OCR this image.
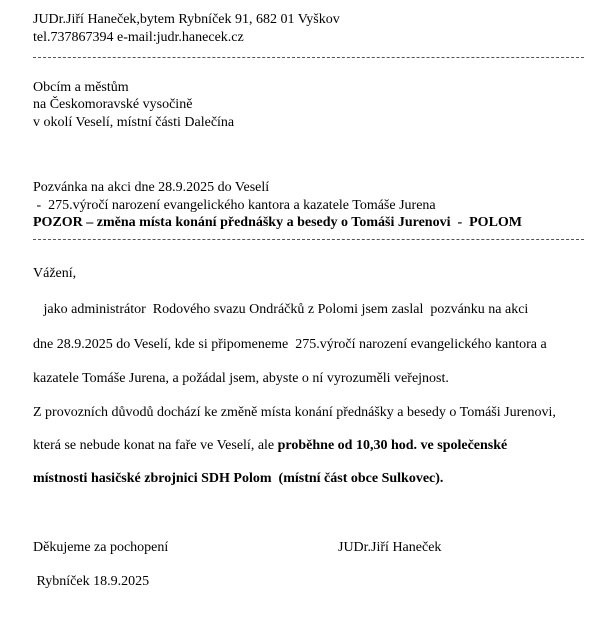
JUDr.Jiří Haneček,bytem Rybníček 91, 682 01 Vyškov
tel.737867394 e-mail:judr.hanecek.cz
Obcím a městům
na Českomoravské vysočině
v okolí Veselí, místní části Dalečína
Pozvánka na akci dne 28.9.2025 do Veselí
-  275.výročí narození evangelického kantora a kazatele Tomáše Jurena
POZOR – změna místa konání přednášky a besedy o Tomáši Jurenovi  -  POLOM
Vážení,
jako administrátor  Rodového svazu Ondráčků z Polomi jsem zaslal  pozvánku na akci
dne 28.9.2025 do Veselí, kde si připomeneme  275.výročí narození evangelického kantora a
kazatele Tomáše Jurena, a požádal jsem, abyste o ní vyrozuměli veřejnost.
Z provozních důvodů dochází ke změně místa konání přednášky a besedy o Tomáši Jurenovi,
která se nebude konat na faře ve Veselí, ale proběhne od 10,30 hod. ve společenské
místnosti hasičské zbrojnici SDH Polom  (místní část obce Sulkovec).
Děkujeme za pochopení	JUDr.Jiří Haneček
Rybníček 18.9.2025
